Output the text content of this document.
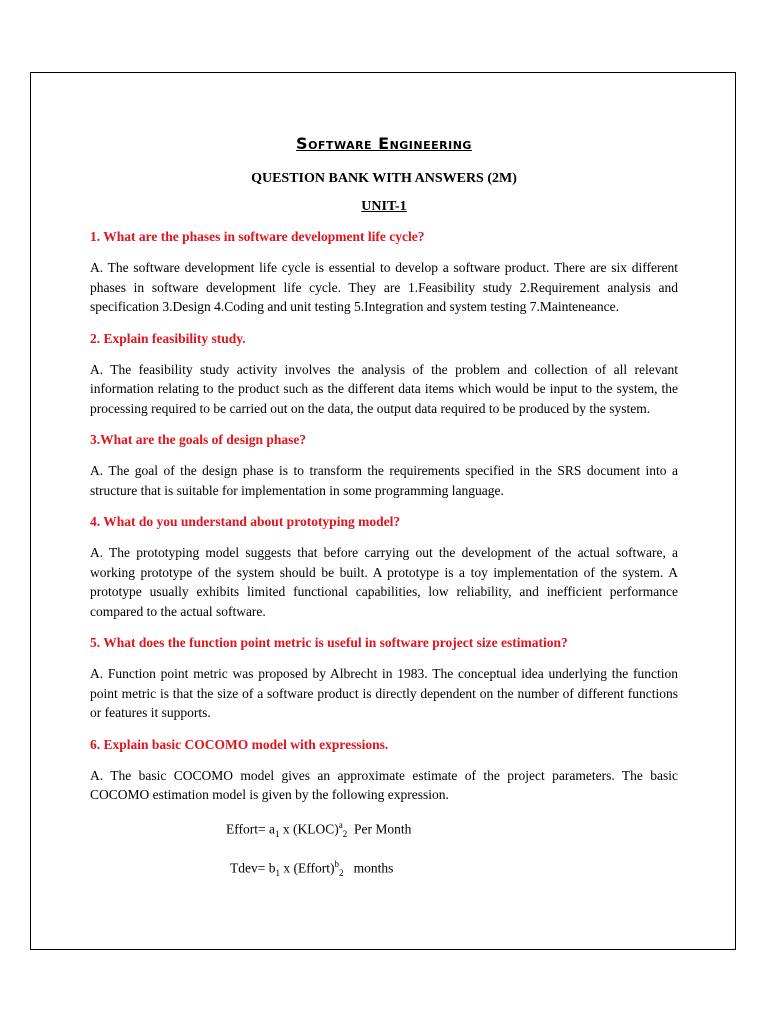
Software Engineering

QUESTION BANK WITH ANSWERS (2M)

UNIT-1

1. What are the phases in software development life cycle?

A. The software development life cycle is essential to develop a software product. There are six different phases in software development life cycle. They are 1.Feasibility study 2.Requirement analysis and specification 3.Design 4.Coding and unit testing 5.Integration and system testing 7.Mainteneance.

2. Explain feasibility study.

A. The feasibility study activity involves the analysis of the problem and collection of all relevant information relating to the product such as the different data items which would be input to the system, the processing required to be carried out on the data, the output data required to be produced by the system.

3.What are the goals of design phase?

A. The goal of the design phase is to transform the requirements specified in the SRS document into a structure that is suitable for implementation in some programming language.

4. What do you understand about prototyping model?

A. The prototyping model suggests that before carrying out the development of the actual software, a working prototype of the system should be built. A prototype is a toy implementation of the system. A prototype usually exhibits limited functional capabilities, low reliability, and inefficient performance compared to the actual software.

5. What does the function point metric is useful in software project size estimation?

A. Function point metric was proposed by Albrecht in 1983. The conceptual idea underlying the function point metric is that the size of a software product is directly dependent on the number of different functions or features it supports.

6. Explain basic COCOMO model with expressions.

A. The basic COCOMO model gives an approximate estimate of the project parameters. The basic COCOMO estimation model is given by the following expression.

Effort= $a_1$ x (KLOC)$^a_2$ Per Month

Tdev= $b_1$ x (Effort)$^b_2$ months
